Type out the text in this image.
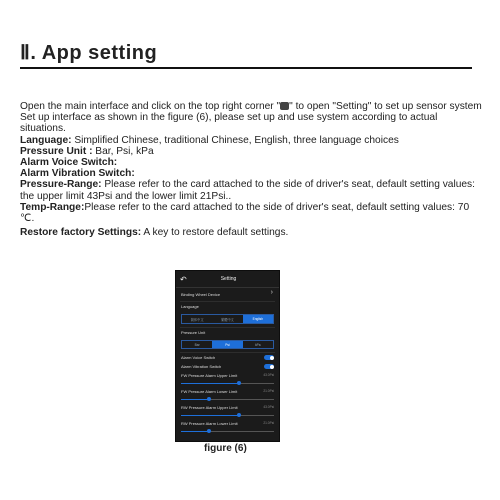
Ⅱ. App setting

Open the main interface and click on the top right corner " " to open "Setting" to set up sensor system

Set up interface as shown in the figure (6), please set up and use system according to actual situations.

Language: Simplified Chinese, traditional Chinese, English, three language choices

Pressure Unit : Bar, Psi, kPa

Alarm Voice Switch:

Alarm Vibration Switch:

Pressure-Range: Please refer to the card attached to the side of driver's seat, default setting values: the upper limit 43Psi and the lower limit 21Psi..

Temp-Range:Please refer to the card attached to the side of driver's seat, default setting values: 70 ℃.

Restore factory Settings: A key to restore default settings.

↶	Setting
Binding Wheel Device	›
Language
简体中文	繁體中文	English
Pressure Unit
Bar	Psi	kPa
Alarm Voice Switch
Alarm Vibration Switch
FW Pressure Alarm Upper Limit	43.0Psi
FW Pressure Alarm Lower Limit	21.0Psi
RW Pressure Alarm Upper Limit	43.0Psi
RW Pressure Alarm Lower Limit	21.0Psi
figure (6)
